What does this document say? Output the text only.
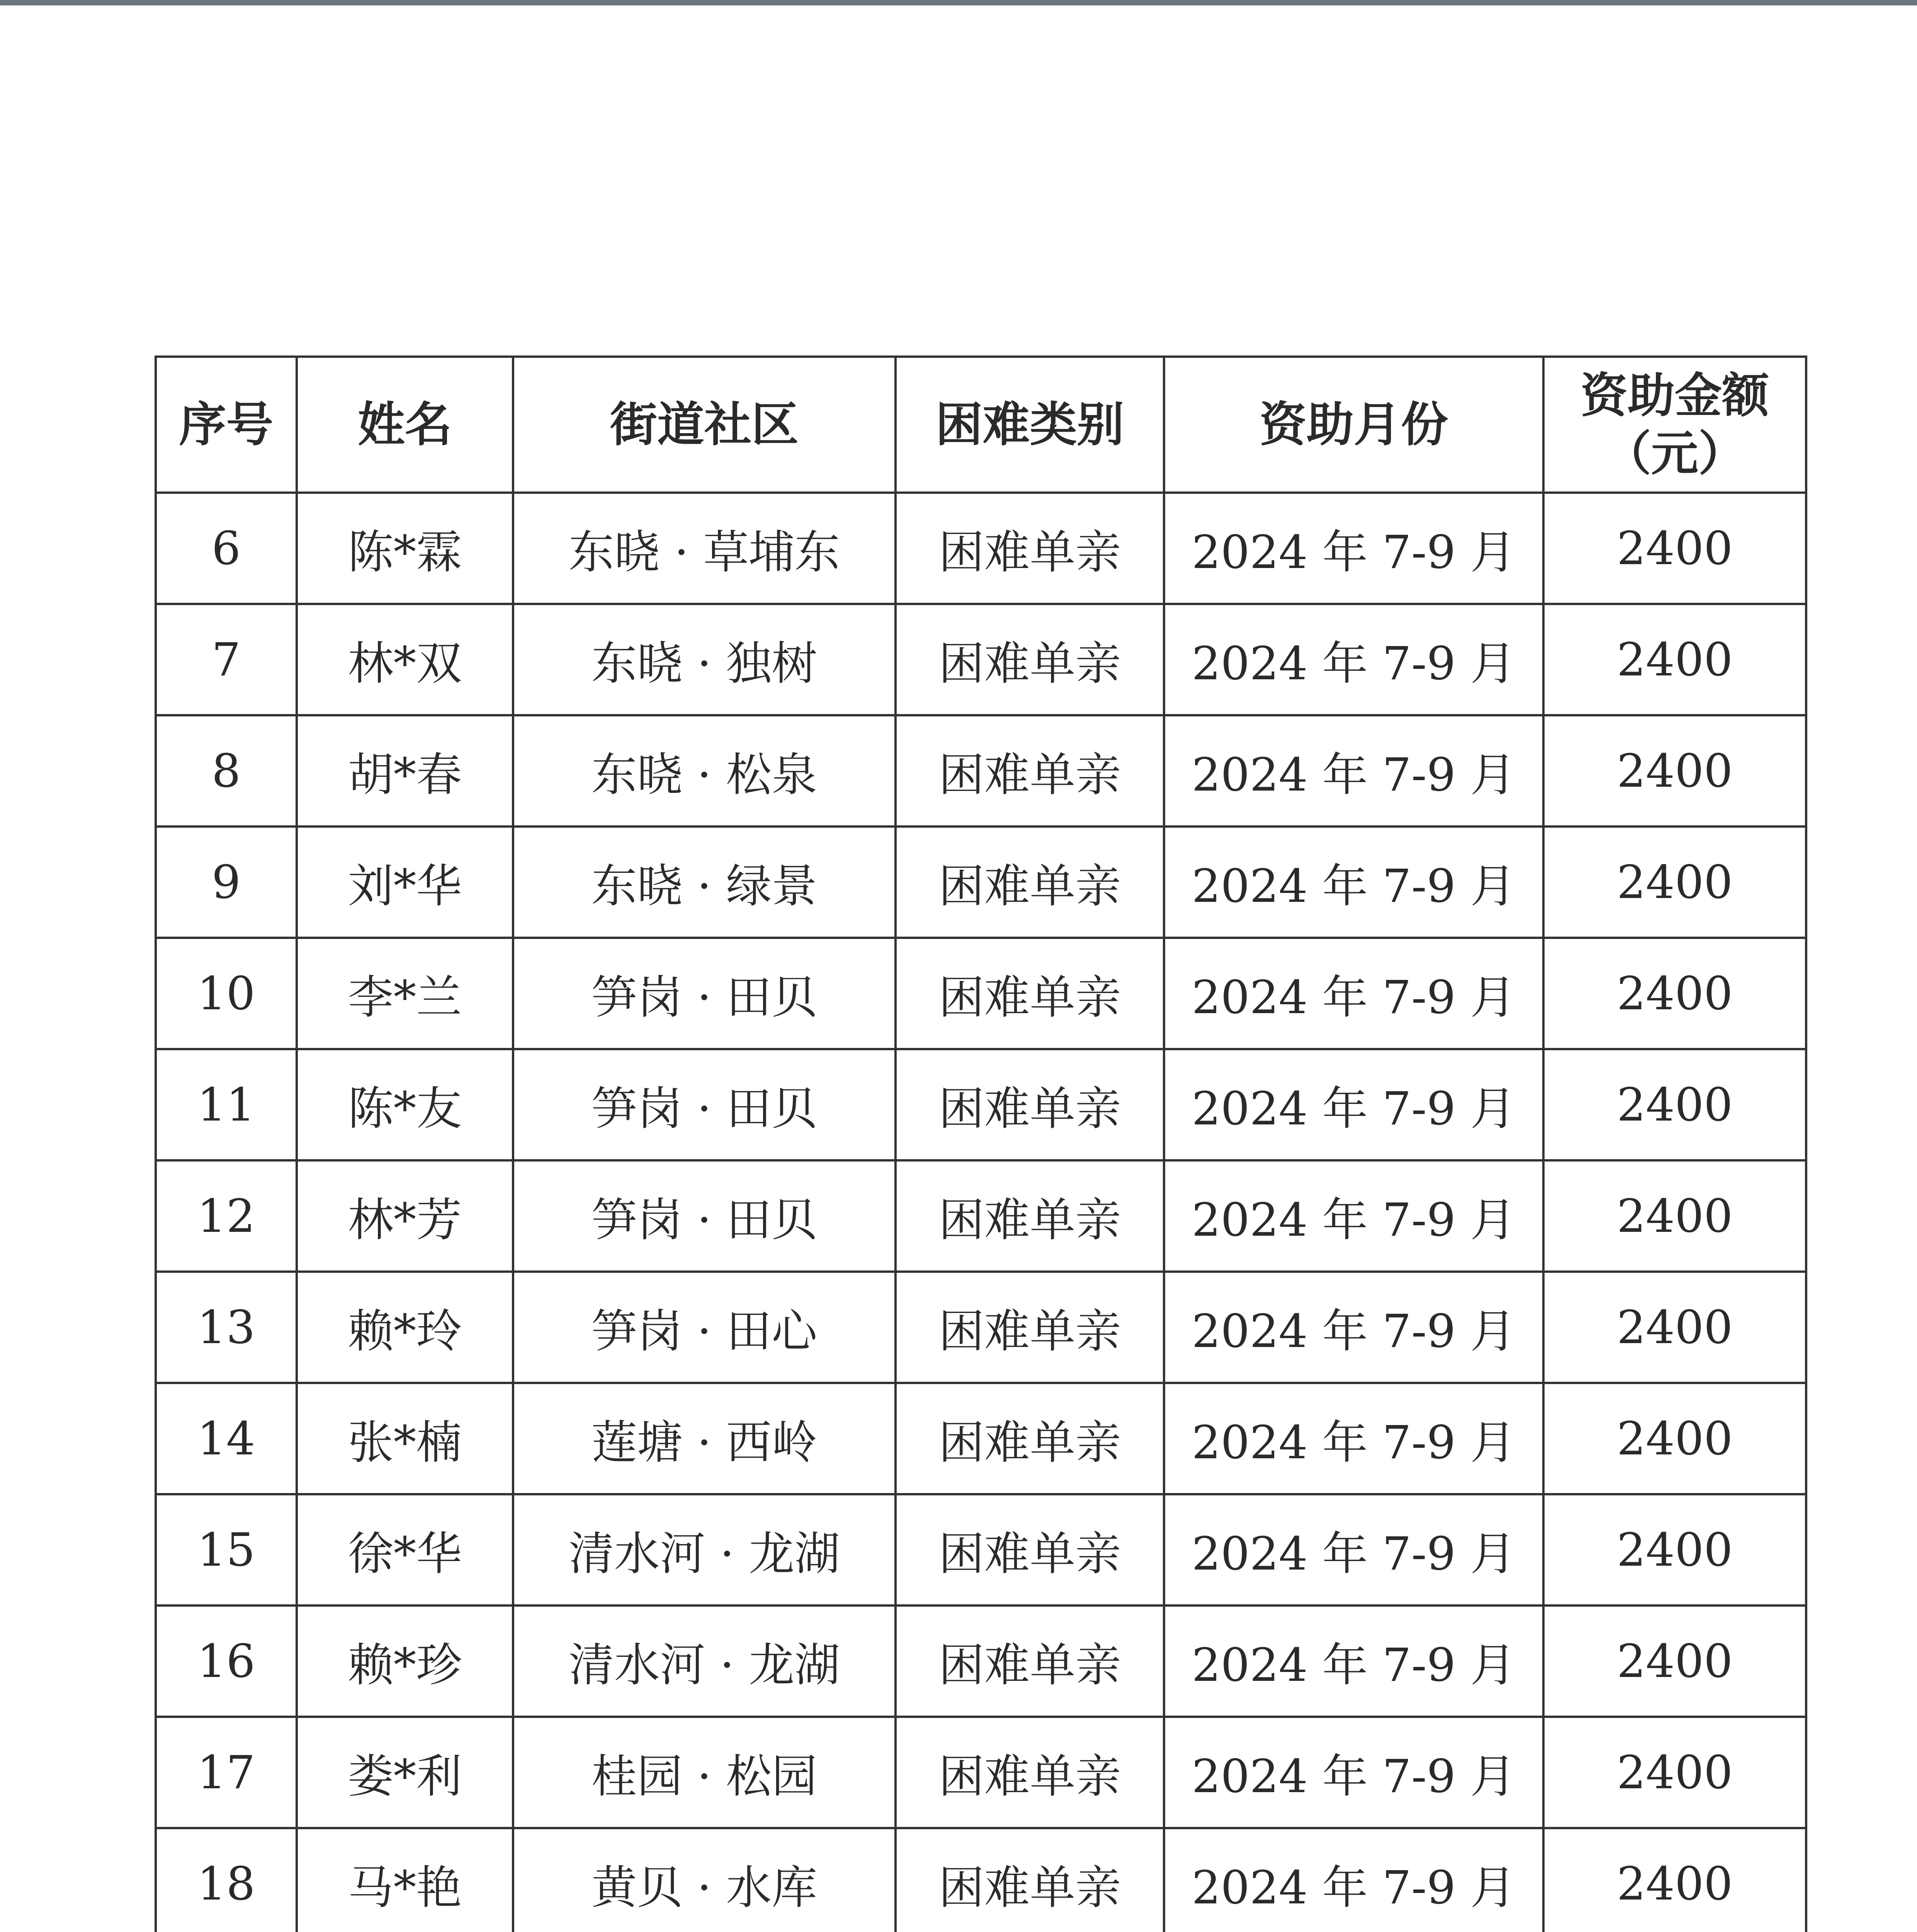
序号	姓名	街道社区	困难类别	资助月份	资助金额
（元）

6	陈*霖	东晓 · 草埔东	困难单亲	2024 年 7-9 月	2400
7	林*双	东晓 · 独树	困难单亲	2024 年 7-9 月	2400
8	胡*春	东晓 · 松泉	困难单亲	2024 年 7-9 月	2400
9	刘*华	东晓 · 绿景	困难单亲	2024 年 7-9 月	2400
10	李*兰	笋岗 · 田贝	困难单亲	2024 年 7-9 月	2400
11	陈*友	笋岗 · 田贝	困难单亲	2024 年 7-9 月	2400
12	林*芳	笋岗 · 田贝	困难单亲	2024 年 7-9 月	2400
13	赖*玲	笋岗 · 田心	困难单亲	2024 年 7-9 月	2400
14	张*楠	莲塘 · 西岭	困难单亲	2024 年 7-9 月	2400
15	徐*华	清水河 · 龙湖	困难单亲	2024 年 7-9 月	2400
16	赖*珍	清水河 · 龙湖	困难单亲	2024 年 7-9 月	2400
17	娄*利	桂园 · 松园	困难单亲	2024 年 7-9 月	2400
18	马*艳	黄贝 · 水库	困难单亲	2024 年 7-9 月	2400
